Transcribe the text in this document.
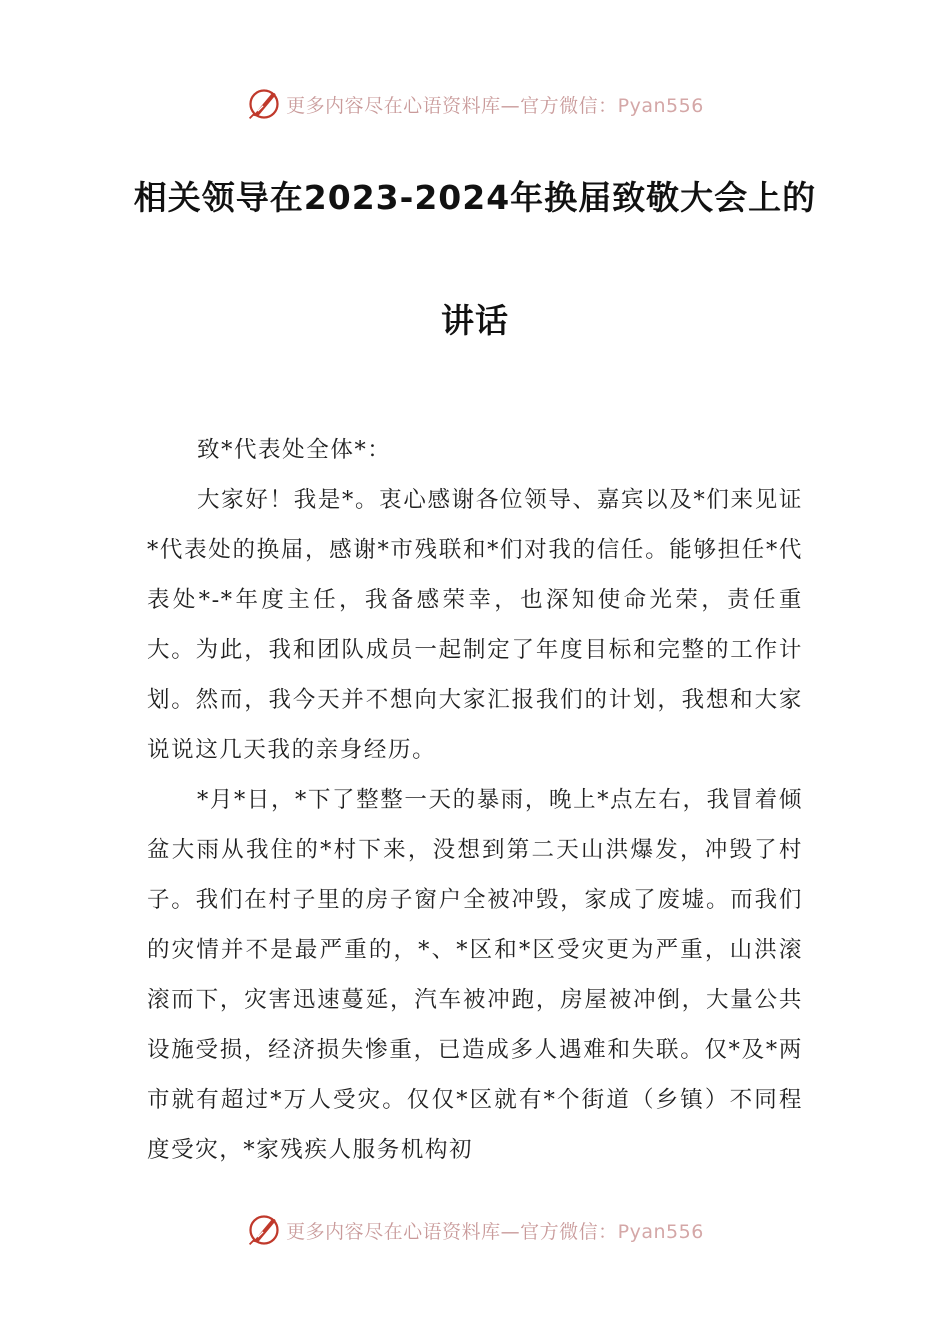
更多内容尽在心语资料库—官方微信：Pyan556
相关领导在2023-2024年换届致敬大会上的
讲话

致*代表处全体*：

大家好！我是*。衷心感谢各位领导、嘉宾以及*们来见证*代表处的换届，感谢*市残联和*们对我的信任。能够担任*代表处*-*年度主任，我备感荣幸，也深知使命光荣，责任重大。为此，我和团队成员一起制定了年度目标和完整的工作计划。然而，我今天并不想向大家汇报我们的计划，我想和大家说说这几天我的亲身经历。

*月*日，*下了整整一天的暴雨，晚上*点左右，我冒着倾盆大雨从我住的*村下来，没想到第二天山洪爆发，冲毁了村子。我们在村子里的房子窗户全被冲毁，家成了废墟。而我们的灾情并不是最严重的，*、*区和*区受灾更为严重，山洪滚滚而下，灾害迅速蔓延，汽车被冲跑，房屋被冲倒，大量公共设施受损，经济损失惨重，已造成多人遇难和失联。仅*及*两市就有超过*万人受灾。仅仅*区就有*个街道（乡镇）不同程度受灾，*家残疾人服务机构初

更多内容尽在心语资料库—官方微信：Pyan556
